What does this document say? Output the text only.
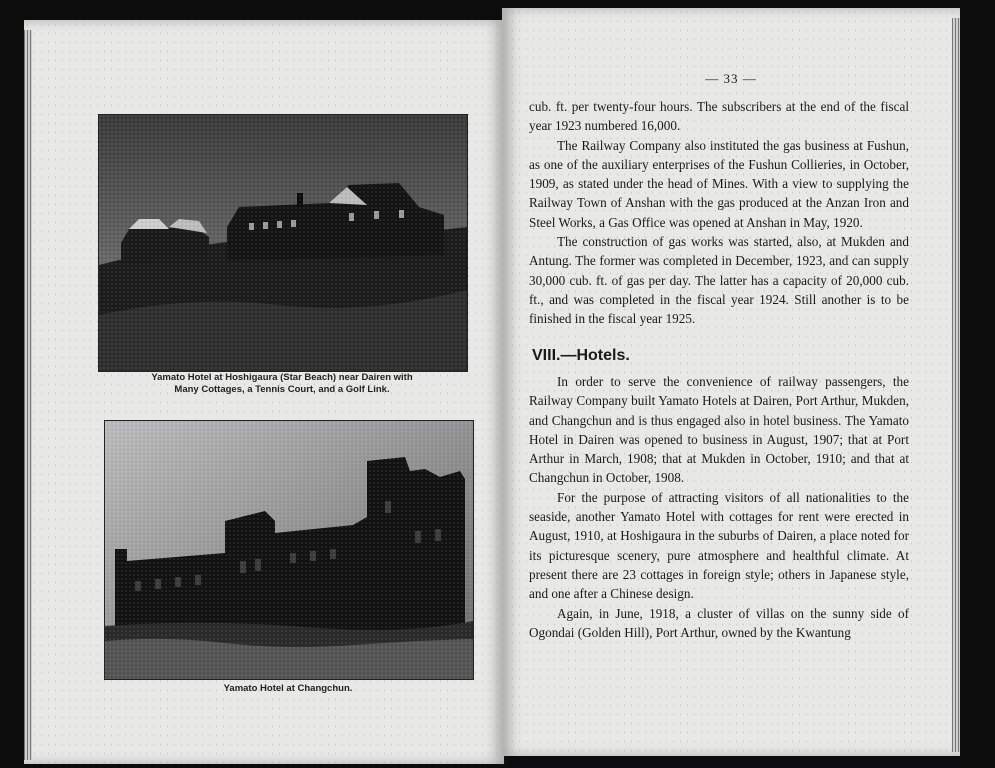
Yamato Hotel at Hoshigaura (Star Beach) near Dairen with
Many Cottages, a Tennis Court, and a Golf Link.
Yamato Hotel at Changchun.
— 33 —

cub. ft. per twenty-four hours. The subscribers at the end of the fiscal year 1923 numbered 16,000.

The Railway Company also instituted the gas business at Fushun, as one of the auxiliary enterprises of the Fushun Collieries, in October, 1909, as stated under the head of Mines. With a view to supplying the Railway Town of Anshan with the gas produced at the Anzan Iron and Steel Works, a Gas Office was opened at Anshan in May, 1920.

The construction of gas works was started, also, at Mukden and Antung. The former was completed in December, 1923, and can supply 30,000 cub. ft. of gas per day. The latter has a capacity of 20,000 cub. ft., and was completed in the fiscal year 1924. Still another is to be finished in the fiscal year 1925.

VIII.—Hotels.

In order to serve the convenience of railway passengers, the Railway Company built Yamato Hotels at Dairen, Port Arthur, Mukden, and Changchun and is thus engaged also in hotel business. The Yamato Hotel in Dairen was opened to business in August, 1907; that at Port Arthur in March, 1908; that at Mukden in October, 1910; and that at Changchun in October, 1908.

For the purpose of attracting visitors of all nationalities to the seaside, another Yamato Hotel with cottages for rent were erected in August, 1910, at Hoshigaura in the suburbs of Dairen, a place noted for its picturesque scenery, pure atmosphere and healthful climate. At present there are 23 cottages in foreign style; others in Japanese style, and one after a Chinese design.

Again, in June, 1918, a cluster of villas on the sunny side of Ogondai (Golden Hill), Port Arthur, owned by the Kwantung
